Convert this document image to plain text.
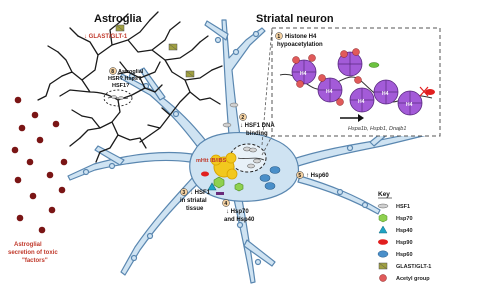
mHtt IB/IBS
H4
H4
H4
H4
H4
Key
HSF1
Hsp70
Hsp40
Hsp90
Hsp60
GLAST/GLT-1
Acetyl group
Astroglia	Striatal neuron
↓ GLAST/GLT-1
8 Astroglial
HSR? Hsps?
HSF1?
Astroglial
secretion of toxic
"factors"
1 Histone H4
hypoacetylation
Hspa1b, Hspb1, Dnajb1
2
↓ HSF1 DNA
binding
3 ↓ HSF1
in striatal
tissue
4
↓ Hsp70
and Hsp40
5 ↑ Hsp60
